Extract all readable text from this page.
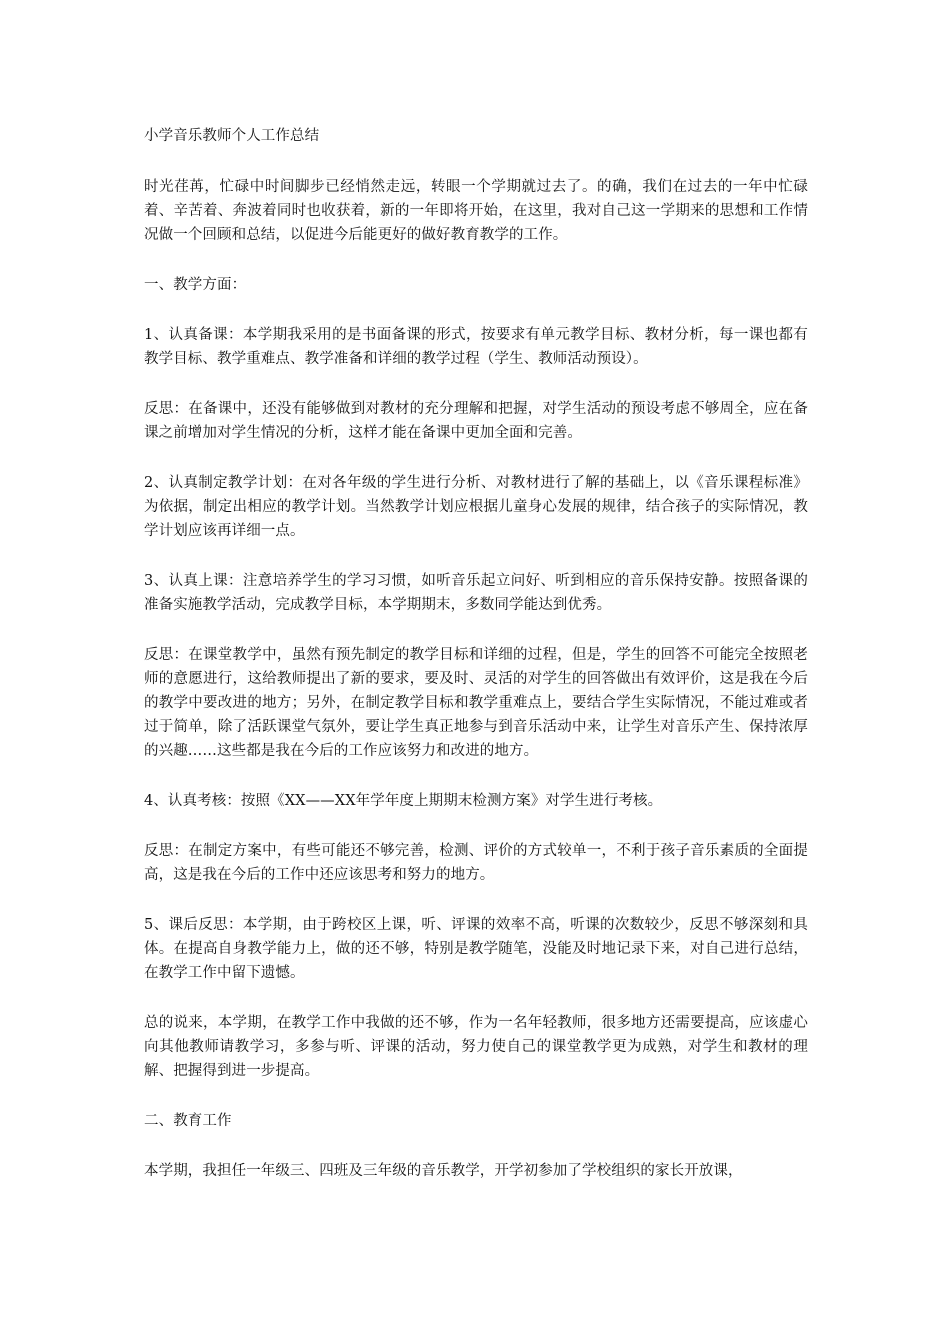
小学音乐教师个人工作总结
时光荏苒，忙碌中时间脚步已经悄然走远，转眼一个学期就过去了。的确，我们在过去的一年中忙碌着、辛苦着、奔波着同时也收获着，新的一年即将开始，在这里，我对自己这一学期来的思想和工作情况做一个回顾和总结，以促进今后能更好的做好教育教学的工作。
一、教学方面：
1、认真备课：本学期我采用的是书面备课的形式，按要求有单元教学目标、教材分析，每一课也都有教学目标、教学重难点、教学准备和详细的教学过程（学生、教师活动预设）。
反思：在备课中，还没有能够做到对教材的充分理解和把握，对学生活动的预设考虑不够周全，应在备课之前增加对学生情况的分析，这样才能在备课中更加全面和完善。
2、认真制定教学计划：在对各年级的学生进行分析、对教材进行了解的基础上，以《音乐课程标准》为依据，制定出相应的教学计划。当然教学计划应根据儿童身心发展的规律，结合孩子的实际情况，教学计划应该再详细一点。
3、认真上课：注意培养学生的学习习惯，如听音乐起立问好、听到相应的音乐保持安静。按照备课的准备实施教学活动，完成教学目标，本学期期末，多数同学能达到优秀。
反思：在课堂教学中，虽然有预先制定的教学目标和详细的过程，但是，学生的回答不可能完全按照老师的意愿进行，这给教师提出了新的要求，要及时、灵活的对学生的回答做出有效评价，这是我在今后的教学中要改进的地方；另外，在制定教学目标和教学重难点上，要结合学生实际情况，不能过难或者过于简单，除了活跃课堂气氛外，要让学生真正地参与到音乐活动中来，让学生对音乐产生、保持浓厚的兴趣……这些都是我在今后的工作应该努力和改进的地方。
4、认真考核：按照《XX——XX年学年度上期期末检测方案》对学生进行考核。
反思：在制定方案中，有些可能还不够完善，检测、评价的方式较单一，不利于孩子音乐素质的全面提高，这是我在今后的工作中还应该思考和努力的地方。
5、课后反思：本学期，由于跨校区上课，听、评课的效率不高，听课的次数较少，反思不够深刻和具体。在提高自身教学能力上，做的还不够，特别是教学随笔，没能及时地记录下来，对自己进行总结，在教学工作中留下遗憾。
总的说来，本学期，在教学工作中我做的还不够，作为一名年轻教师，很多地方还需要提高，应该虚心向其他教师请教学习，多参与听、评课的活动，努力使自己的课堂教学更为成熟，对学生和教材的理解、把握得到进一步提高。
二、教育工作
本学期，我担任一年级三、四班及三年级的音乐教学，开学初参加了学校组织的家长开放课，
